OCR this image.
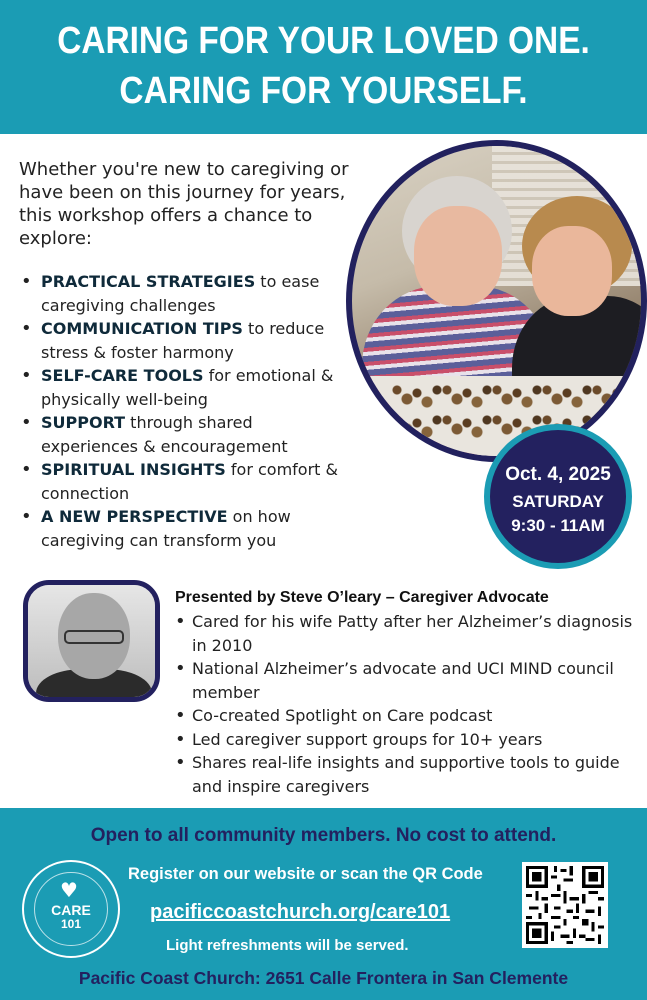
CARING FOR YOUR LOVED ONE.
CARING FOR YOURSELF.

Whether you're new to caregiving or have been on this journey for years, this workshop offers a chance to explore:

• PRACTICAL STRATEGIES to ease caregiving challenges
• COMMUNICATION TIPS to reduce stress & foster harmony
• SELF-CARE TOOLS for emotional & physically well-being
• SUPPORT through shared experiences & encouragement
• SPIRITUAL INSIGHTS for comfort & connection
• A NEW PERSPECTIVE on how caregiving can transform you
Oct. 4, 2025
SATURDAY
9:30 - 11AM
Presented by Steve O’leary – Caregiver Advocate
• Cared for his wife Patty after her Alzheimer’s diagnosis in 2010
• National Alzheimer’s advocate and UCI MIND council member
• Co-created Spotlight on Care podcast
• Led caregiver support groups for 10+ years
• Shares real-life insights and supportive tools to guide and inspire caregivers
Open to all community members. No cost to attend.
Register on our website or scan the QR Code
pacificcoastchurch.org/care101
Light refreshments will be served.
Pacific Coast Church: 2651 Calle Frontera in San Clemente
♥
CARE
101
